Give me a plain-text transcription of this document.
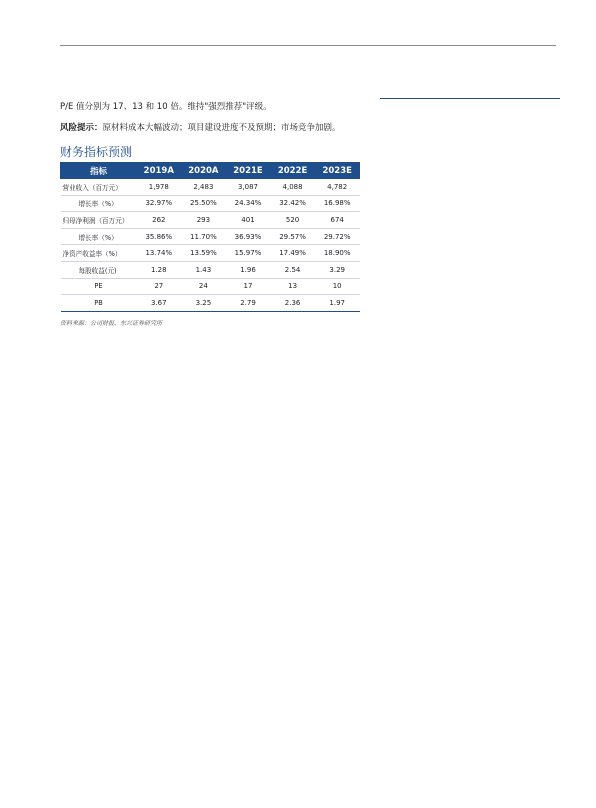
P/E 值分别为 17、13 和 10 倍。维持"强烈推荐"评级。
风险提示：原材料成本大幅波动；项目建设进度不及预期；市场竞争加剧。
财务指标预测
指标	2019A	2020A	2021E	2022E	2023E
营业收入（百万元）	1,978	2,483	3,087	4,088	4,782
增长率（%）	32.97%	25.50%	24.34%	32.42%	16.98%
归母净利润（百万元）	262	293	401	520	674
增长率（%）	35.86%	11.70%	36.93%	29.57%	29.72%
净资产收益率（%）	13.74%	13.59%	15.97%	17.49%	18.90%
每股收益(元)	1.28	1.43	1.96	2.54	3.29
PE	27	24	17	13	10
PB	3.67	3.25	2.79	2.36	1.97
资料来源：公司财报、东兴证券研究所
